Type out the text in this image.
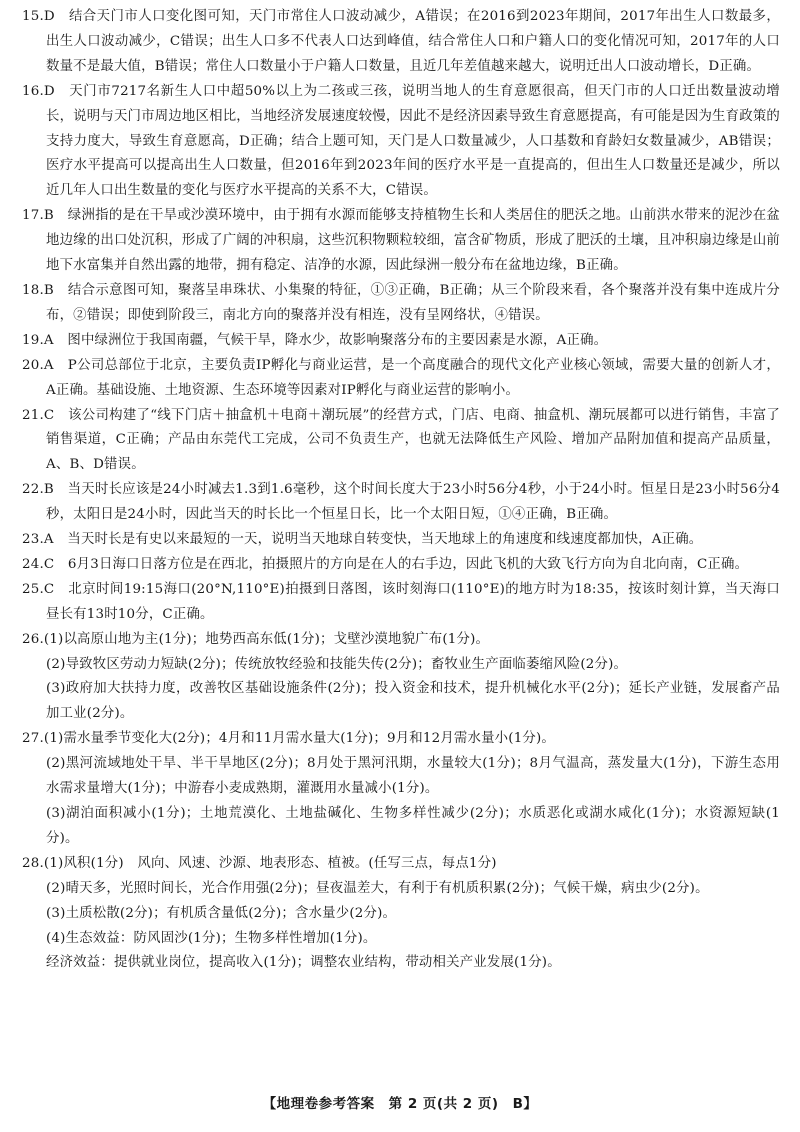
15.D　结合天门市人口变化图可知，天门市常住人口波动减少，A错误；在2016到2023年期间，2017年出生人口数最多，出生人口波动减少，C错误；出生人口多不代表人口达到峰值，结合常住人口和户籍人口的变化情况可知，2017年的人口数量不是最大值，B错误；常住人口数量小于户籍人口数量，且近几年差值越来越大，说明迁出人口波动增长，D正确。
16.D　天门市7217名新生人口中超50%以上为二孩或三孩，说明当地人的生育意愿很高，但天门市的人口迁出数量波动增长，说明与天门市周边地区相比，当地经济发展速度较慢，因此不是经济因素导致生育意愿提高，有可能是因为生育政策的支持力度大，导致生育意愿高，D正确；结合上题可知，天门是人口数量减少，人口基数和育龄妇女数量减少，AB错误；医疗水平提高可以提高出生人口数量，但2016年到2023年间的医疗水平是一直提高的，但出生人口数量还是减少，所以近几年人口出生数量的变化与医疗水平提高的关系不大，C错误。
17.B　绿洲指的是在干旱或沙漠环境中，由于拥有水源而能够支持植物生长和人类居住的肥沃之地。山前洪水带来的泥沙在盆地边缘的出口处沉积，形成了广阔的冲积扇，这些沉积物颗粒较细，富含矿物质，形成了肥沃的土壤，且冲积扇边缘是山前地下水富集并自然出露的地带，拥有稳定、洁净的水源，因此绿洲一般分布在盆地边缘，B正确。
18.B　结合示意图可知，聚落呈串珠状、小集聚的特征，①③正确，B正确；从三个阶段来看，各个聚落并没有集中连成片分布，②错误；即使到阶段三，南北方向的聚落并没有相连，没有呈网络状，④错误。
19.A　图中绿洲位于我国南疆，气候干旱，降水少，故影响聚落分布的主要因素是水源，A正确。
20.A　P公司总部位于北京，主要负责IP孵化与商业运营，是一个高度融合的现代文化产业核心领域，需要大量的创新人才，A正确。基础设施、土地资源、生态环境等因素对IP孵化与商业运营的影响小。
21.C　该公司构建了“线下门店＋抽盒机＋电商＋潮玩展”的经营方式，门店、电商、抽盒机、潮玩展都可以进行销售，丰富了销售渠道，C正确；产品由东莞代工完成，公司不负责生产，也就无法降低生产风险、增加产品附加值和提高产品质量，A、B、D错误。
22.B　当天时长应该是24小时减去1.3到1.6毫秒，这个时间长度大于23小时56分4秒，小于24小时。恒星日是23小时56分4秒，太阳日是24小时，因此当天的时长比一个恒星日长，比一个太阳日短，①④正确，B正确。
23.A　当天时长是有史以来最短的一天，说明当天地球自转变快，当天地球上的角速度和线速度都加快，A正确。
24.C　6月3日海口日落方位是在西北，拍摄照片的方向是在人的右手边，因此飞机的大致飞行方向为自北向南，C正确。
25.C　北京时间19:15海口(20°N,110°E)拍摄到日落图，该时刻海口(110°E)的地方时为18:35，按该时刻计算，当天海口昼长有13时10分，C正确。
26.(1)以高原山地为主(1分)；地势西高东低(1分)；戈壁沙漠地貌广布(1分)。
(2)导致牧区劳动力短缺(2分)；传统放牧经验和技能失传(2分)；畜牧业生产面临萎缩风险(2分)。
(3)政府加大扶持力度，改善牧区基础设施条件(2分)；投入资金和技术，提升机械化水平(2分)；延长产业链，发展畜产品加工业(2分)。
27.(1)需水量季节变化大(2分)；4月和11月需水量大(1分)；9月和12月需水量小(1分)。
(2)黑河流域地处干旱、半干旱地区(2分)；8月处于黑河汛期，水量较大(1分)；8月气温高，蒸发量大(1分)，下游生态用水需求量增大(1分)；中游春小麦成熟期，灌溉用水量减小(1分)。
(3)湖泊面积减小(1分)；土地荒漠化、土地盐碱化、生物多样性减少(2分)；水质恶化或湖水咸化(1分)；水资源短缺(1分)。
28.(1)风积(1分)　风向、风速、沙源、地表形态、植被。(任写三点，每点1分)
(2)晴天多，光照时间长，光合作用强(2分)；昼夜温差大，有利于有机质积累(2分)；气候干燥，病虫少(2分)。
(3)土质松散(2分)；有机质含量低(2分)；含水量少(2分)。
(4)生态效益：防风固沙(1分)；生物多样性增加(1分)。
经济效益：提供就业岗位，提高收入(1分)；调整农业结构，带动相关产业发展(1分)。
【地理卷参考答案　第 2 页(共 2 页)　B】
